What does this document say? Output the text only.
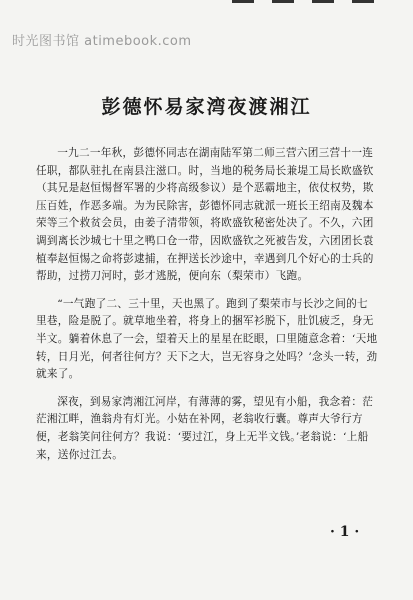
时光图书馆 atimebook.com
彭德怀易家湾夜渡湘江

一九二一年秋，彭德怀同志在湖南陆军第二师三营六团三营十一连任职，都队驻扎在南县注滋口。时，当地的税务局长兼堤工局长欧盛钦（其兄是赵恒惕督军署的少将高级参议）是个恶霸地主，依仗权势，欺压百姓，作恶多端。为为民除害，彭德怀同志就派一班长王绍南及魏本荣等三个救贫会员，由姜子清带领，将欧盛钦秘密处决了。不久，六团调到离长沙城七十里之鸭口仓一带，因欧盛钦之死被告发，六团团长袁植奉赵恒惕之命将彭逮捕，在押送长沙途中，幸遇到几个好心的士兵的帮助，过捞刀河时，彭才逃脱，便向东（梨荣市）飞跑。

“一气跑了二、三十里，天也黑了。跑到了梨荣市与长沙之间的七里巷，险是脱了。就草地坐着，将身上的捆军衫脱下，肚饥疲乏，身无半文。躺着休息了一会，望着天上的星星在眨眼，口里随意念着：‘天地转，日月光，何者往何方？天下之大，岂无容身之处吗？’念头一转，劲就来了。

深夜，到易家湾湘江河岸，有薄薄的雾，望见有小船，我念着：茫茫湘江畔，渔翁舟有灯光。小姑在补网，老翁收行囊。尊声大爷行方便，老翁笑问往何方？我说：‘要过江，身上无半文钱。’老翁说：‘上船来，送你过江去。

· 1 ·
